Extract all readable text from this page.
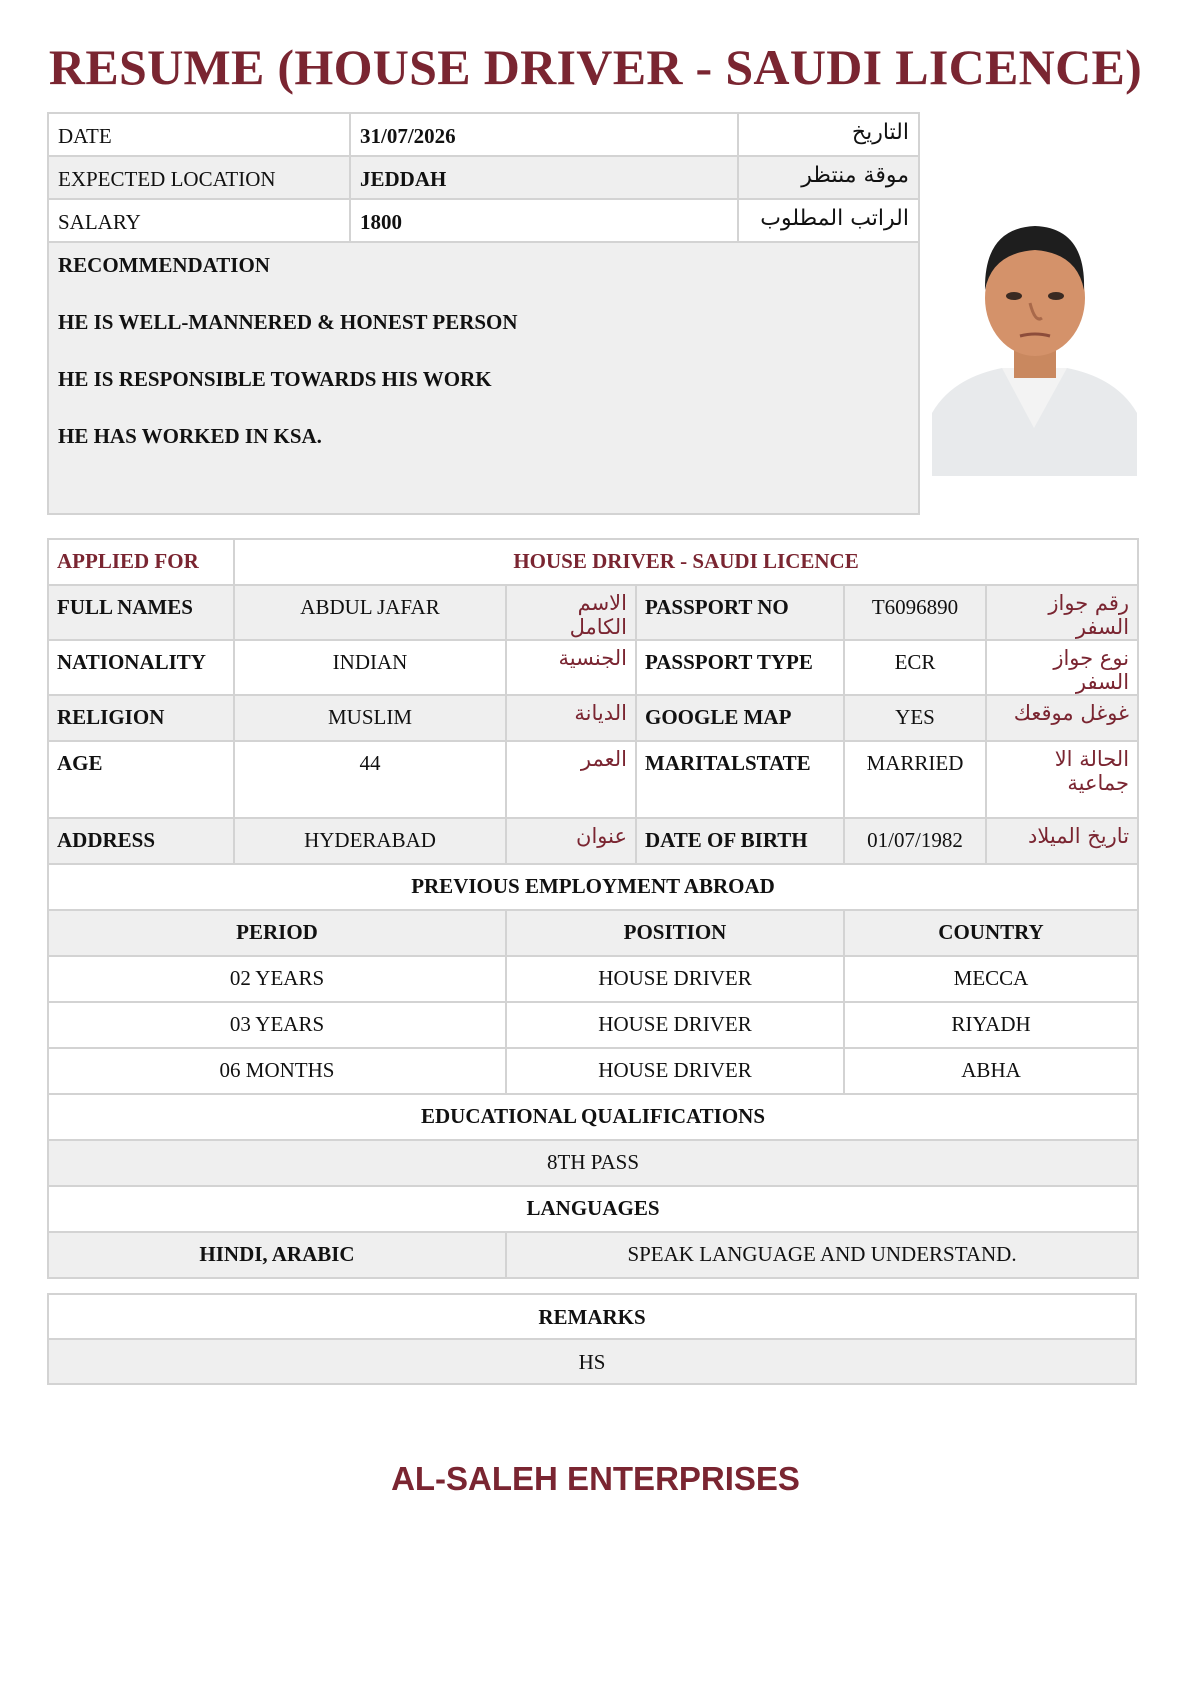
RESUME (HOUSE DRIVER - SAUDI LICENCE)
DATE	31/07/2026	التاريخ
EXPECTED LOCATION	JEDDAH	موقة منتظر
SALARY	1800	الراتب المطلوب

RECOMMENDATION

HE IS WELL-MANNERED & HONEST PERSON

HE IS RESPONSIBLE TOWARDS HIS WORK

HE HAS WORKED IN KSA.		

APPLIED FOR	HOUSE DRIVER - SAUDI LICENCE				
FULL NAMES	ABDUL JAFAR	الاسم الكامل	PASSPORT NO	T6096890	رقم جواز السفر
NATIONALITY	INDIAN	الجنسية	PASSPORT TYPE	ECR	نوع جواز السفر
RELIGION	MUSLIM	الديانة	GOOGLE MAP	YES	غوغل موقعك
AGE	44	العمر	MARITALSTATE	MARRIED	الحالة الا جماعية
ADDRESS	HYDERABAD	عنوان	DATE OF BIRTH	01/07/1982	تاريخ الميلاد
PREVIOUS EMPLOYMENT ABROAD					
PERIOD		POSITION		COUNTRY	
02 YEARS		HOUSE DRIVER		MECCA	
03 YEARS		HOUSE DRIVER		RIYADH	
06 MONTHS		HOUSE DRIVER		ABHA	
EDUCATIONAL QUALIFICATIONS					
8TH PASS					
LANGUAGES					
HINDI, ARABIC		SPEAK LANGUAGE AND UNDERSTAND.			
REMARKS
HS
AL-SALEH ENTERPRISES
